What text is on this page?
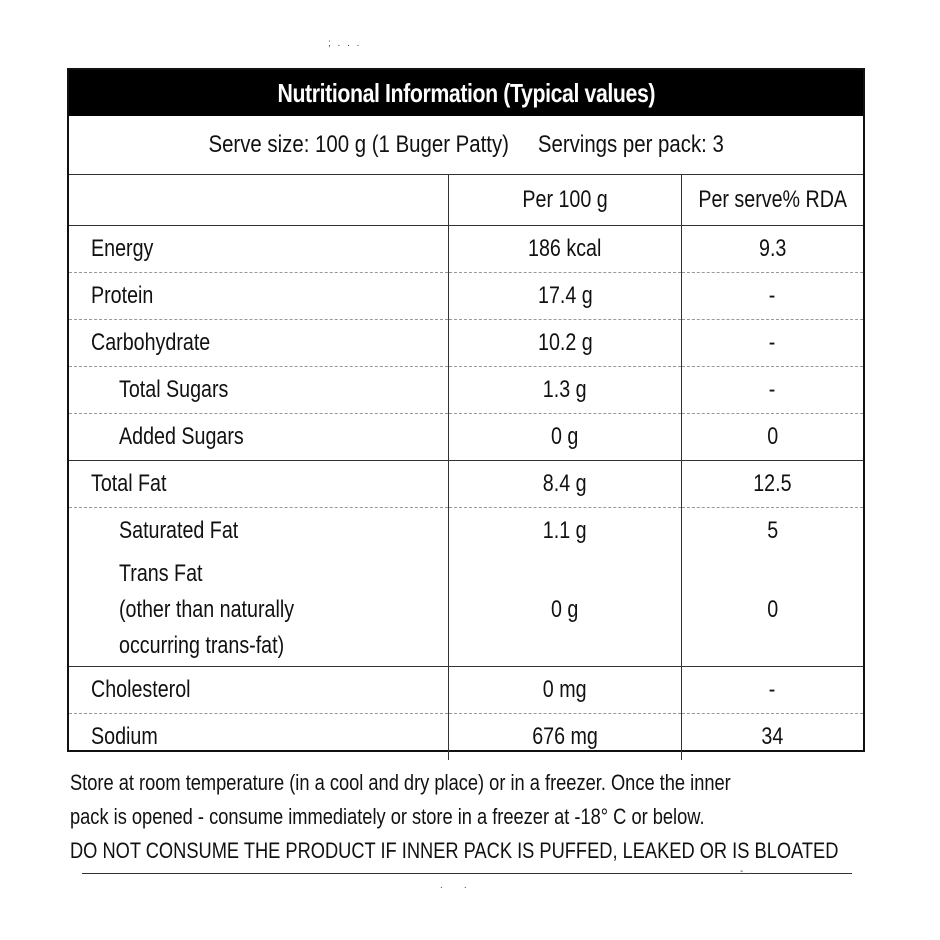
; . . .
Nutritional Information (Typical values)
Serve size: 100 g (1 Buger Patty) Servings per pack: 3
	Per 100 g	Per serve% RDA
Energy	186 kcal	9.3
Protein	17.4 g	-
Carbohydrate	10.2 g	-
Total Sugars	1.3 g	-
Added Sugars	0 g	0
Total Fat	8.4 g	12.5
Saturated Fat	1.1 g	5

Trans Fat
(other than naturally
occurring trans-fat)	0 g	0
Cholesterol	0 mg	-
Sodium	676 mg	34
Store at room temperature (in a cool and dry place) or in a freezer. Once the inner
pack is opened - consume immediately or store in a freezer at -18° C or below.
DO NOT CONSUME THE PRODUCT IF INNER PACK IS PUFFED, LEAKED OR IS BLOATED
.    .
- .
